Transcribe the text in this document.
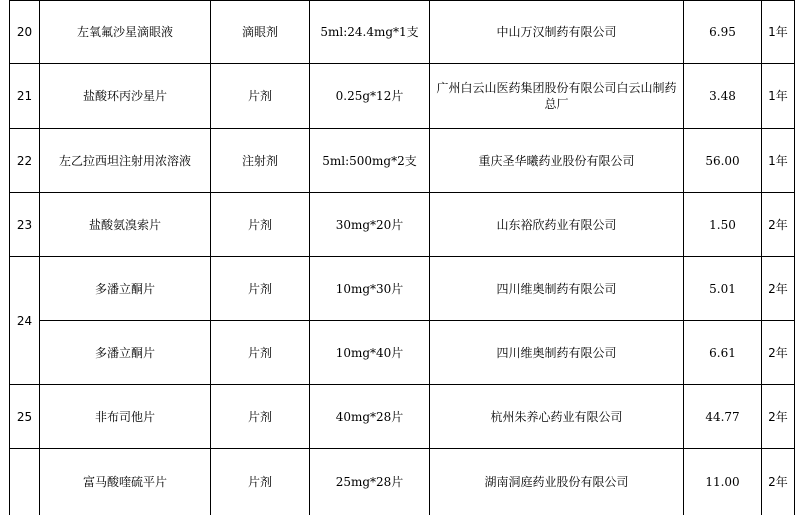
20	左氧氟沙星滴眼液	滴眼剂	5ml:24.4mg*1支	中山万汉制药有限公司	6.95	1年
21	盐酸环丙沙星片	片剂	0.25g*12片	广州白云山医药集团股份有限公司白云山制药总厂	3.48	1年
22	左乙拉西坦注射用浓溶液	注射剂	5ml:500mg*2支	重庆圣华曦药业股份有限公司	56.00	1年
23	盐酸氨溴索片	片剂	30mg*20片	山东裕欣药业有限公司	1.50	2年
24	多潘立酮片	片剂	10mg*30片	四川维奥制药有限公司	5.01	2年
	多潘立酮片	片剂	10mg*40片	四川维奥制药有限公司	6.61	2年
25	非布司他片	片剂	40mg*28片	杭州朱养心药业有限公司	44.77	2年
	富马酸喹硫平片	片剂	25mg*28片	湖南洞庭药业股份有限公司	11.00	2年
